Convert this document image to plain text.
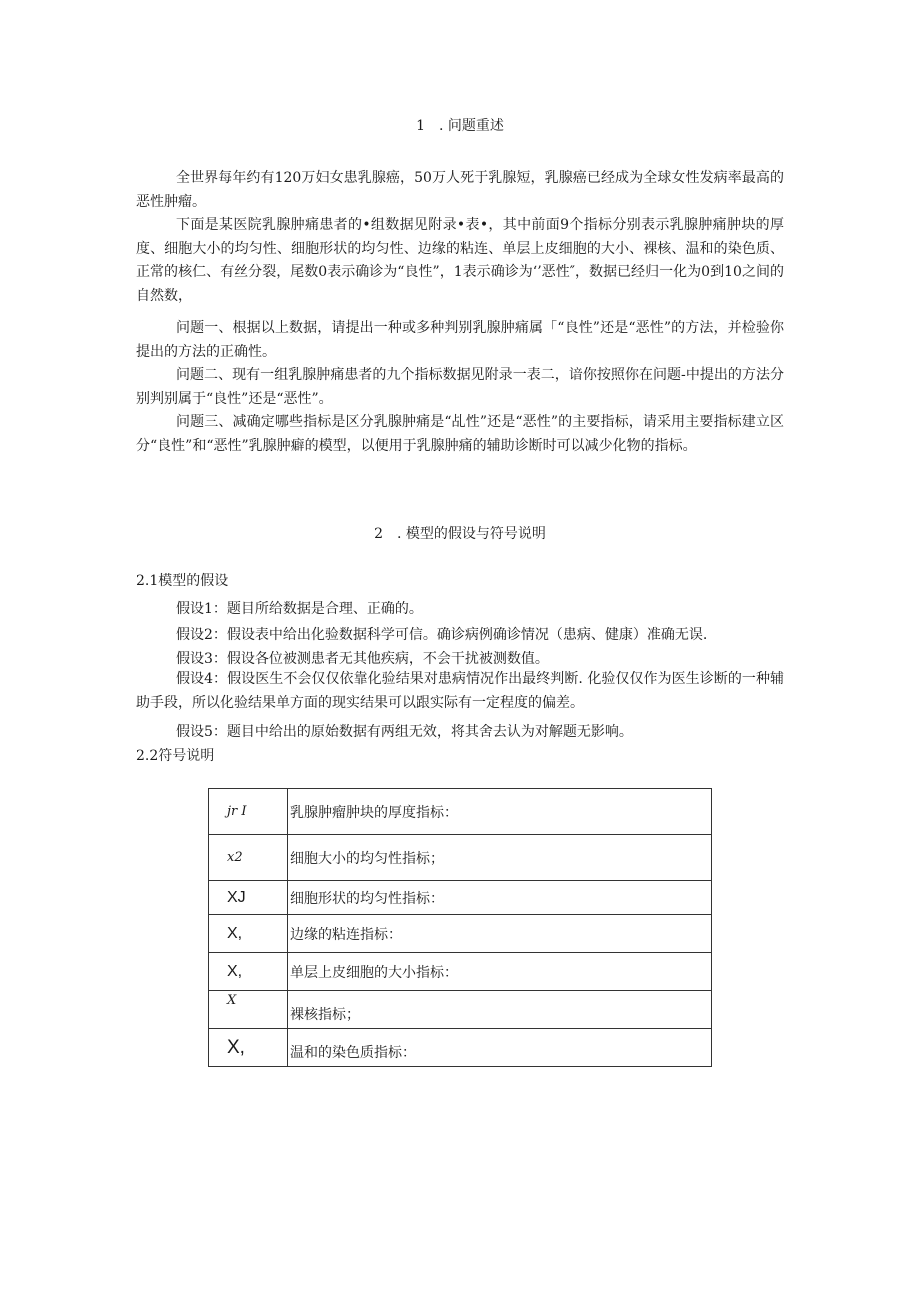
1　. 问题重述

全世界每年约有120万妇女患乳腺癌，50万人死于乳腺短，乳腺癌已经成为全球女性发病率最高的恶性肿瘤。

下面是某医院乳腺肿痛患者的•组数据见附录•表•，其中前面9个指标分别表示乳腺肿痛肿块的厚度、细胞大小的均匀性、细胞形状的均匀性、边缘的粘连、单层上皮细胞的大小、裸核、温和的染色质、正常的核仁、有丝分裂，尾数0表示确诊为“良性”，1表示确诊为‘’恶性″，数据已经归一化为0到10之间的自然数，

问题一、根据以上数据，请提出一种或多种判别乳腺肿痛属「“良性”还是“恶性”的方法，并检验你提出的方法的正确性。

问题二、现有一组乳腺肿痛患者的九个指标数据见附录一表二，谙你按照你在问题-中提出的方法分别判别属于“良性”还是“恶性”。

问题三、减确定哪些指标是区分乳腺肿痛是“乩性”还是“恶性”的主要指标，请采用主要指标建立区分“良性”和“恶性”乳腺肿癖的模型，以便用于乳腺肿痛的辅助诊断时可以减少化物的指标。

2　. 模型的假设与符号说明
2.1模型的假设
假设1：题目所给数据是合理、正确的。
假设2：假设表中给出化验数据科学可信。确诊病例确诊情况（患病、健康）准确无误.
假设3：假设各位被测患者无其他疾病，不会干扰被测数值。

假设4：假设医生不会仅仅依靠化验结果对患病情况作出最终判断. 化验仅仅作为医生诊断的一种辅助手段，所以化验结果单方面的现实结果可以跟实际有一定程度的偏差。

假设5：题目中给出的原始数据有两组无效，将其舍去认为对解题无影响。
2.2符号说明
jr I	乳腺肿瘤肿块的厚度指标：
x2	细胞大小的均匀性指标；
XJ	细胞形状的均匀性指标：
X,	边缘的粘连指标：
X,	单层上皮细胞的大小指标：
X	裸核指标；
X,	温和的染色质指标：
